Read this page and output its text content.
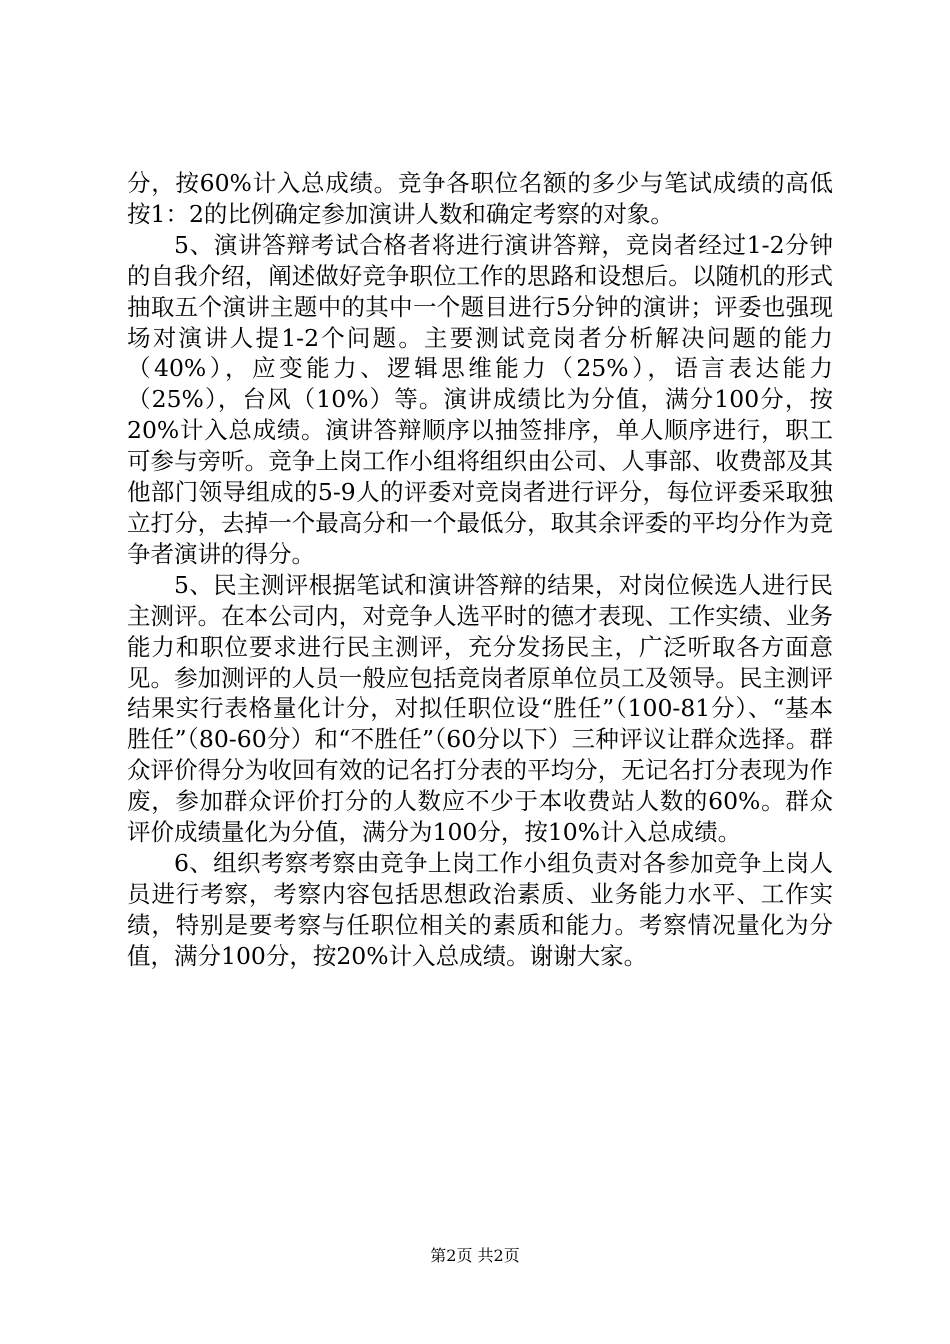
分，按60%计入总成绩。竞争各职位名额的多少与笔试成绩的高低按1：2的比例确定参加演讲人数和确定考察的对象。

5、演讲答辩考试合格者将进行演讲答辩，竞岗者经过1-2分钟的自我介绍，阐述做好竞争职位工作的思路和设想后。以随机的形式抽取五个演讲主题中的其中一个题目进行5分钟的演讲；评委也强现场对演讲人提1-2个问题。主要测试竞岗者分析解决问题的能力（40%），应变能力、逻辑思维能力（25%），语言表达能力（25%），台风（10%）等。演讲成绩比为分值，满分100分，按20%计入总成绩。演讲答辩顺序以抽签排序，单人顺序进行，职工可参与旁听。竞争上岗工作小组将组织由公司、人事部、收费部及其他部门领导组成的5-9人的评委对竞岗者进行评分，每位评委采取独立打分，去掉一个最高分和一个最低分，取其余评委的平均分作为竞争者演讲的得分。

5、民主测评根据笔试和演讲答辩的结果，对岗位候选人进行民主测评。在本公司内，对竞争人选平时的德才表现、工作实绩、业务能力和职位要求进行民主测评，充分发扬民主，广泛听取各方面意见。参加测评的人员一般应包括竞岗者原单位员工及领导。民主测评结果实行表格量化计分，对拟任职位设“胜任”（100-81分）、“基本胜任”（80-60分）和“不胜任”（60分以下）三种评议让群众选择。群众评价得分为收回有效的记名打分表的平均分，无记名打分表现为作废，参加群众评价打分的人数应不少于本收费站人数的60%。群众评价成绩量化为分值，满分为100分，按10%计入总成绩。

6、组织考察考察由竞争上岗工作小组负责对各参加竞争上岗人员进行考察，考察内容包括思想政治素质、业务能力水平、工作实绩，特别是要考察与任职位相关的素质和能力。考察情况量化为分值，满分100分，按20%计入总成绩。谢谢大家。

第2页 共2页
